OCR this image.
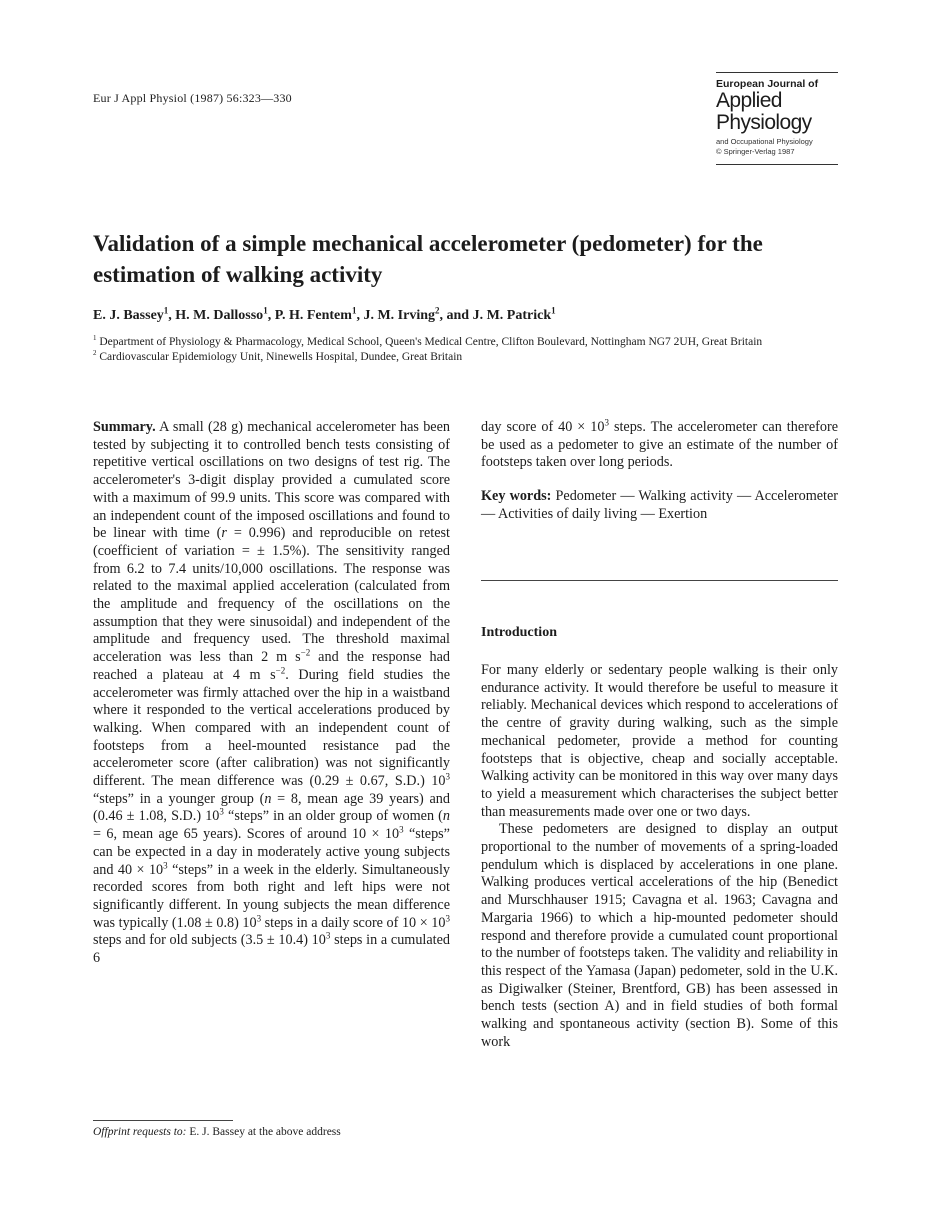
Eur J Appl Physiol (1987) 56:323—330
European Journal of
Applied
Physiology
and Occupational Physiology
© Springer-Verlag 1987
Validation of a simple mechanical accelerometer (pedometer) for the estimation of walking activity
E. J. Bassey$^1$, H. M. Dallosso$^1$, P. H. Fentem$^1$, J. M. Irving$^2$, and J. M. Patrick$^1$
$^1$ Department of Physiology & Pharmacology, Medical School, Queen's Medical Centre, Clifton Boulevard, Nottingham NG7 2UH, Great Britain
$^2$ Cardiovascular Epidemiology Unit, Ninewells Hospital, Dundee, Great Britain

Summary. A small (28 g) mechanical accelerometer has been tested by subjecting it to controlled bench tests consisting of repetitive vertical oscillations on two designs of test rig. The accelerometer's 3-digit display provided a cumulated score with a maximum of 99.9 units. This score was compared with an independent count of the imposed oscillations and found to be linear with time (r = 0.996) and reproducible on retest (coefficient of variation = ± 1.5%). The sensitivity ranged from 6.2 to 7.4 units/10,000 oscillations. The response was related to the maximal applied acceleration (calculated from the amplitude and frequency of the oscillations on the assumption that they were sinusoidal) and independent of the amplitude and frequency used. The threshold maximal acceleration was less than 2 m $s^{-2}$ and the response had reached a plateau at 4 m $s^{-2}$. During field studies the accelerometer was firmly attached over the hip in a waistband where it responded to the vertical accelerations produced by walking. When compared with an independent count of footsteps from a heel-mounted resistance pad the accelerometer score (after calibration) was not significantly different. The mean difference was (0.29 ± 0.67, S.D.) $10^3$ “steps” in a younger group (n = 8, mean age 39 years) and (0.46 ± 1.08, S.D.) $10^3$ “steps” in an older group of women (n = 6, mean age 65 years). Scores of around $10 \times 10^3$ “steps” can be expected in a day in moderately active young subjects and $40 \times 10^3$ “steps” in a week in the elderly. Simultaneously recorded scores from both right and left hips were not significantly different. In young subjects the mean difference was typically (1.08 ± 0.8) $10^3$ steps in a daily score of $10 \times 10^3$ steps and for old subjects (3.5 ± 10.4) $10^3$ steps in a cumulated 6

day score of $40 \times 10^3$ steps. The accelerometer can therefore be used as a pedometer to give an estimate of the number of footsteps taken over long periods.

Key words: Pedometer — Walking activity — Accelerometer — Activities of daily living — Exertion

Introduction

For many elderly or sedentary people walking is their only endurance activity. It would therefore be useful to measure it reliably. Mechanical devices which respond to accelerations of the centre of gravity during walking, such as the simple mechanical pedometer, provide a method for counting footsteps that is objective, cheap and socially acceptable. Walking activity can be monitored in this way over many days to yield a measurement which characterises the subject better than measurements made over one or two days.

These pedometers are designed to display an output proportional to the number of movements of a spring-loaded pendulum which is displaced by accelerations in one plane. Walking produces vertical accelerations of the hip (Benedict and Murschhauser 1915; Cavagna et al. 1963; Cavagna and Margaria 1966) to which a hip-mounted pedometer should respond and therefore provide a cumulated count proportional to the number of footsteps taken. The validity and reliability in this respect of the Yamasa (Japan) pedometer, sold in the U.K. as Digiwalker (Steiner, Brentford, GB) has been assessed in bench tests (section A) and in field studies of both formal walking and spontaneous activity (section B). Some of this work

Offprint requests to: E. J. Bassey at the above address
